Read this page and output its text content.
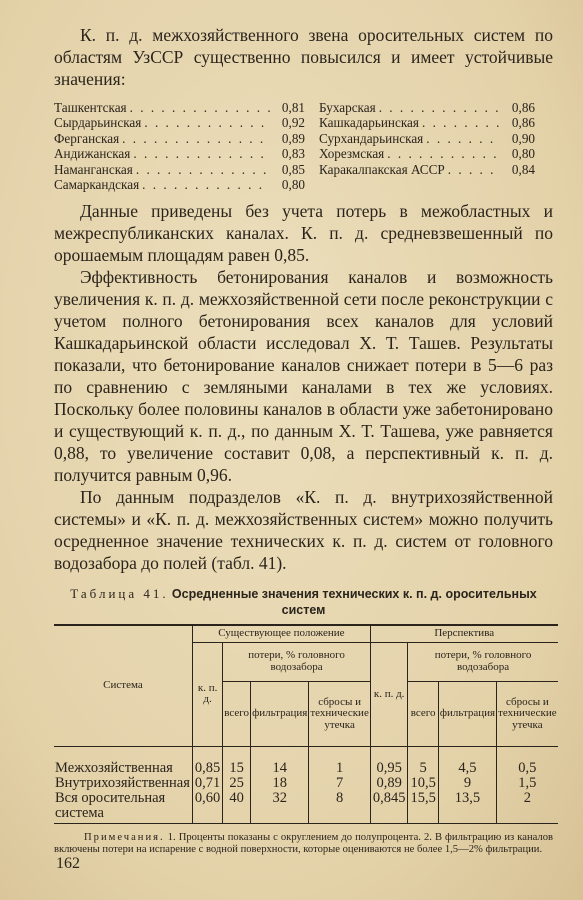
К. п. д. межхозяйственного звена оросительных систем по областям УзССР существенно повысился и имеет устойчивые значения:

Ташкентская . . .	0,81
Сырдарьинская . . .	0,92
Ферганская . . .	0,89
Андижанская . . .	0,83
Наманганская . . .	0,85
Самаркандская . . .	0,80
Бухарская . . .	0,86
Кашкадарьинская . . .	0,86
Сурхандарьинская . . .	0,90
Хорезмская . . .	0,80
Каракалпакская АССР . . .	0,84

Данные приведены без учета потерь в межобластных и межреспубликанских каналах. К. п. д. средневзвешенный по орошаемым площадям равен 0,85.

Эффективность бетонирования каналов и возможность увеличения к. п. д. межхозяйственной сети после реконструкции с учетом полного бетонирования всех каналов для условий Кашкадарьинской области исследовал Х. Т. Ташев. Результаты показали, что бетонирование каналов снижает потери в 5—6 раз по сравнению с земляными каналами в тех же условиях. Поскольку более половины каналов в области уже забетонировано и существующий к. п. д., по данным Х. Т. Ташева, уже равняется 0,88, то увеличение составит 0,08, а перспективный к. п. д. получится равным 0,96.

По данным подразделов «К. п. д. внутрихозяйственной системы» и «К. п. д. межхозяйственных систем» можно получить осредненное значение технических к. п. д. систем от головного водозабора до полей (табл. 41).

Таблица 41. Осредненные значения технических к. п. д. оросительных систем
Система	Существующее положение				Перспектива			
	к. п. д.	потери, % головного водозабора			к. п. д.	потери, % головного водозабора		
		всего	фильтрация	сбросы и технические утечка		всего	фильтрация	сбросы и технические утечка
Межхозяйственная	0,85	15	14	1	0,95	5	4,5	0,5
Внутрихозяйственная	0,71	25	18	7	0,89	10,5	9	1,5
Вся оросительная система	0,60	40	32	8	0,845	15,5	13,5	2
Примечания. 1. Проценты показаны с округлением до полупроцента. 2. В фильтрацию из каналов включены потери на испарение с водной поверхности, которые оцениваются не более 1,5—2% фильтрации.
162
